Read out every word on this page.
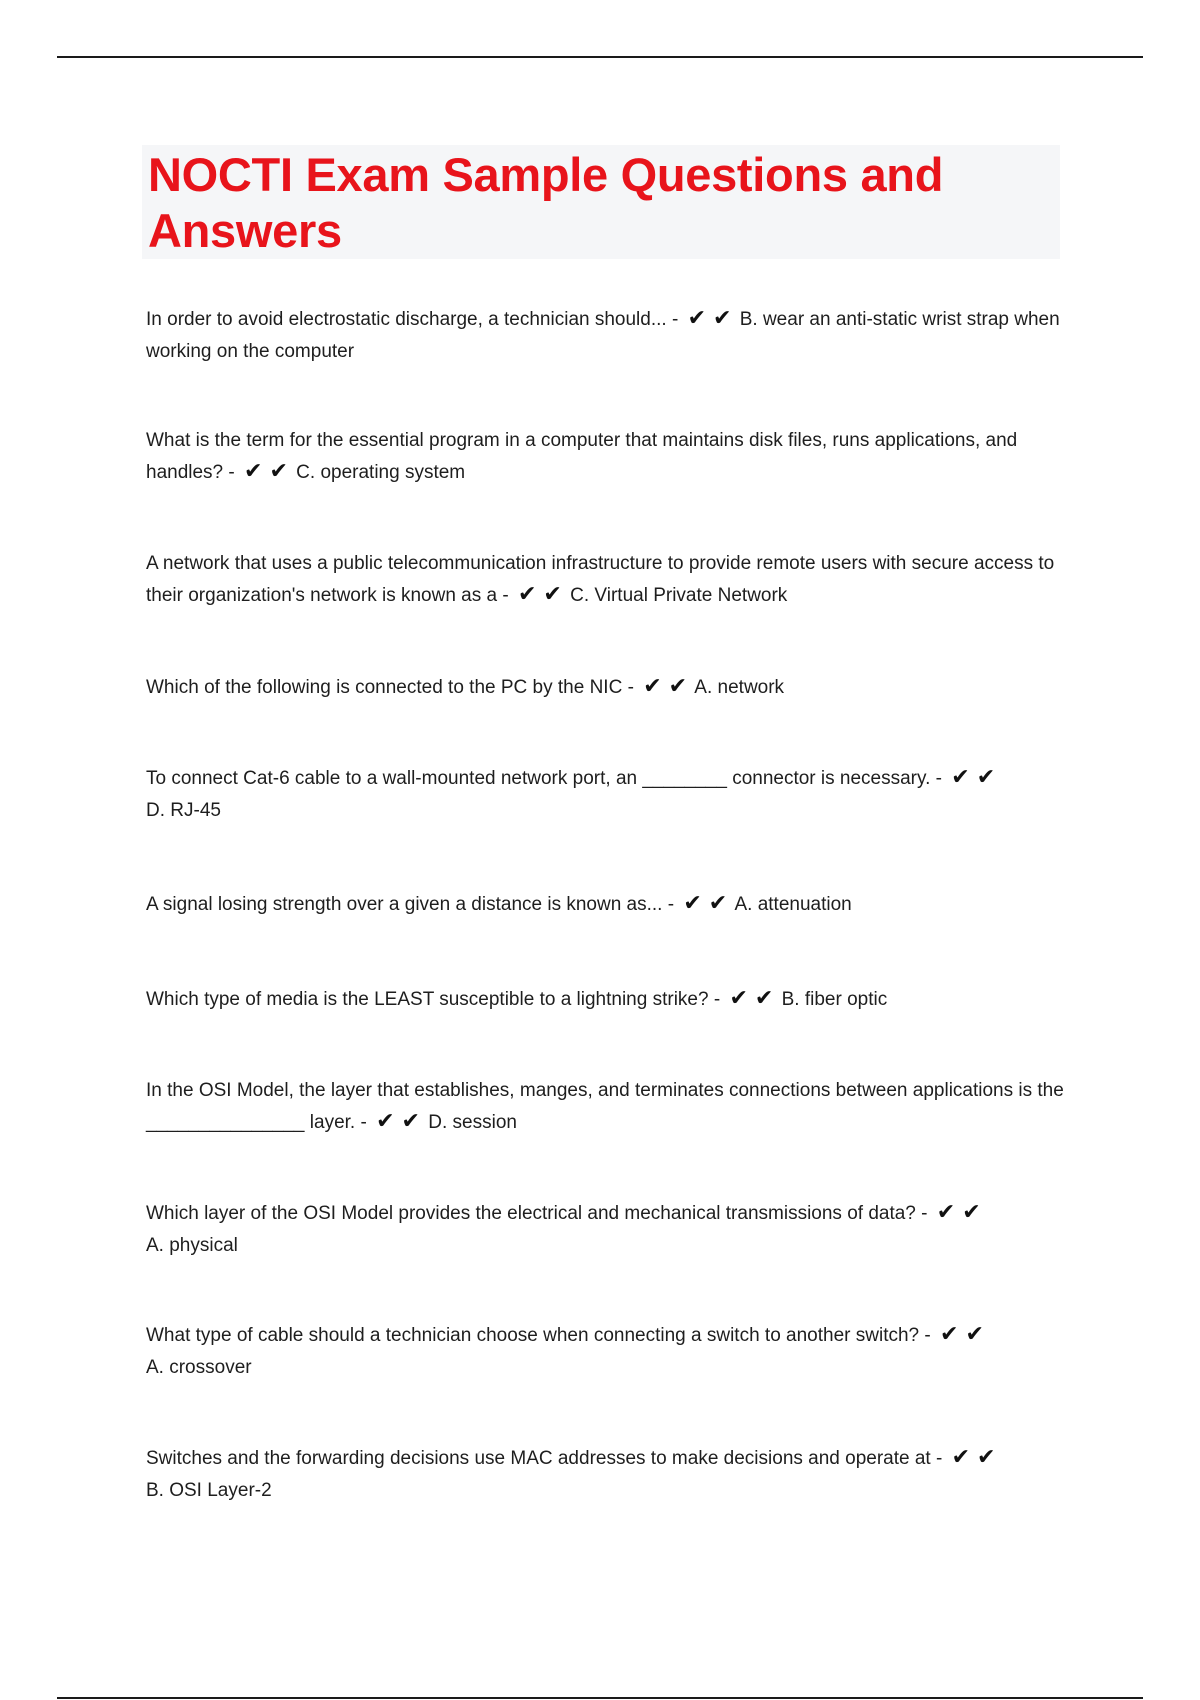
NOCTI Exam Sample Questions and Answers

In order to avoid electrostatic discharge, a technician should... - ✔ ✔ B. wear an anti-static wrist strap when working on the computer

What is the term for the essential program in a computer that maintains disk files, runs applications, and handles? - ✔ ✔ C. operating system

A network that uses a public telecommunication infrastructure to provide remote users with secure access to their organization's network is known as a - ✔ ✔ C. Virtual Private Network

Which of the following is connected to the PC by the NIC - ✔ ✔ A. network

To connect Cat-6 cable to a wall-mounted network port, an ________ connector is necessary. - ✔ ✔ D. RJ-45

A signal losing strength over a given a distance is known as... - ✔ ✔ A. attenuation

Which type of media is the LEAST susceptible to a lightning strike? - ✔ ✔ B. fiber optic

In the OSI Model, the layer that establishes, manges, and terminates connections between applications is the _______________ layer. - ✔ ✔ D. session

Which layer of the OSI Model provides the electrical and mechanical transmissions of data? - ✔ ✔ A. physical

What type of cable should a technician choose when connecting a switch to another switch? - ✔ ✔ A. crossover

Switches and the forwarding decisions use MAC addresses to make decisions and operate at - ✔ ✔ B. OSI Layer-2
